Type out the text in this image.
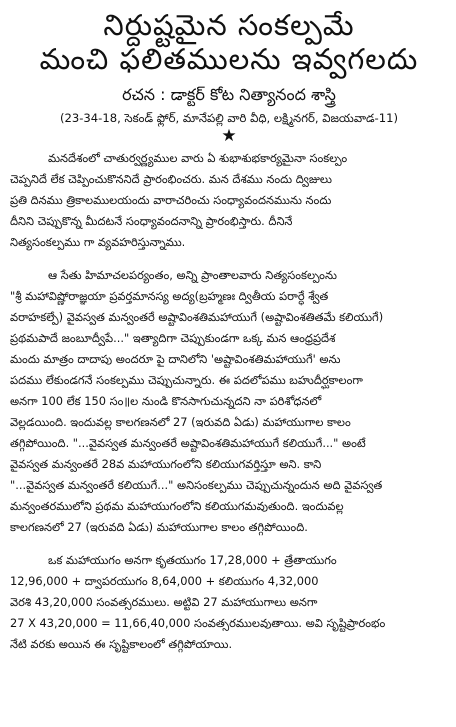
నిర్దుష్టమైన సంకల్పమే
మంచి ఫలితములను ఇవ్వగలదు
రచన : డాక్టర్ కోట నిత్యానంద శాస్త్రి
(23-34-18, సెకండ్ ఫ్లోర్, మానేపల్లి వారి వీధి, లక్ష్మినగర్, విజయవాడ-11)
★

మనదేశంలో చాతుర్వర్ణ్యముల వారు ఏ శుభాశుభకార్యమైనా సంకల్పం

చెప్పనిదే లేక చెప్పించుకొననిదే ప్రారంభించరు. మన దేశము నందు ద్విజులు

ప్రతి దినము త్రికాలములయందు వారాచరించు సంధ్యావందనమును నందు

దీనిని చెప్పుకొన్న మీదటనే సంధ్యావందనాన్ని ప్రారంభిస్తారు. దీనినే

నిత్యసంకల్పము గా వ్యవహరిస్తున్నాము.

ఆ సేతు హిమాచలపర్యంతం, అన్ని ప్రాంతాలవారు నిత్యసంకల్పంను

"శ్రీ మహావిష్ణోరాజ్ఞయా ప్రవర్తమానస్య అద్య(బ్రహ్మణః ద్వితీయ పరార్ధే శ్వేత

వరాహకల్పే) వైవస్వత మన్వంతరే అష్టావింశతిమహాయుగే (అష్టావింశతితమే కలియుగే)

ప్రథమపాదే జంబూద్వీపే..." ఇత్యాదిగా చెప్పుకుండగా ఒక్క మన ఆంధ్రప్రదేశ

మందు మాత్రం దాదాపు అందరూ పై దానిలోని 'అష్టావింశతిమహాయుగే' అను

పదము లేకుండగనే సంకల్పము చెప్పుచున్నారు. ఈ పదలోపము బహుదీర్ఘకాలంగా

అనగా 100 లేక 150 సం॥ల నుండి కొనసాగుచున్నదని నా పరిశోధనలో

వెల్లడయింది. ఇందువల్ల కాలగణనలో 27 (ఇరువది ఏడు) మహాయుగాల కాలం

తగ్గిపోయింది. "...వైవస్వత మన్వంతరే అష్టావింశతిమహాయుగే కలియుగే..." అంటే

వైవస్వత మన్వంతరే 28వ మహాయుగంలోని కలియుగవర్తిస్తూ అని. కాని

"...వైవస్వత మన్వంతరే కలియుగే..." అనిసంకల్పము చెప్పుచున్నందున అది వైవస్వత

మన్వంతరములోని ప్రథమ మహాయుగంలోని కలియుగమవుతుంది. ఇందువల్ల

కాలగణనలో 27 (ఇరువది ఏడు) మహాయుగాల కాలం తగ్గిపోయింది.

ఒక మహాయుగం అనగా కృతయుగం 17,28,000 + త్రేతాయుగం

12,96,000 + ద్వాపరయుగం 8,64,000 + కలియుగం 4,32,000

వెరశి 43,20,000 సంవత్సరములు. అట్టివి 27 మహాయుగాలు అనగా

27 X 43,20,000 = 11,66,40,000 సంవత్సరములవుతాయి. అవి సృష్టిప్రారంభం

నేటి వరకు అయిన ఈ సృష్టికాలంలో తగ్గిపోయాయి.
